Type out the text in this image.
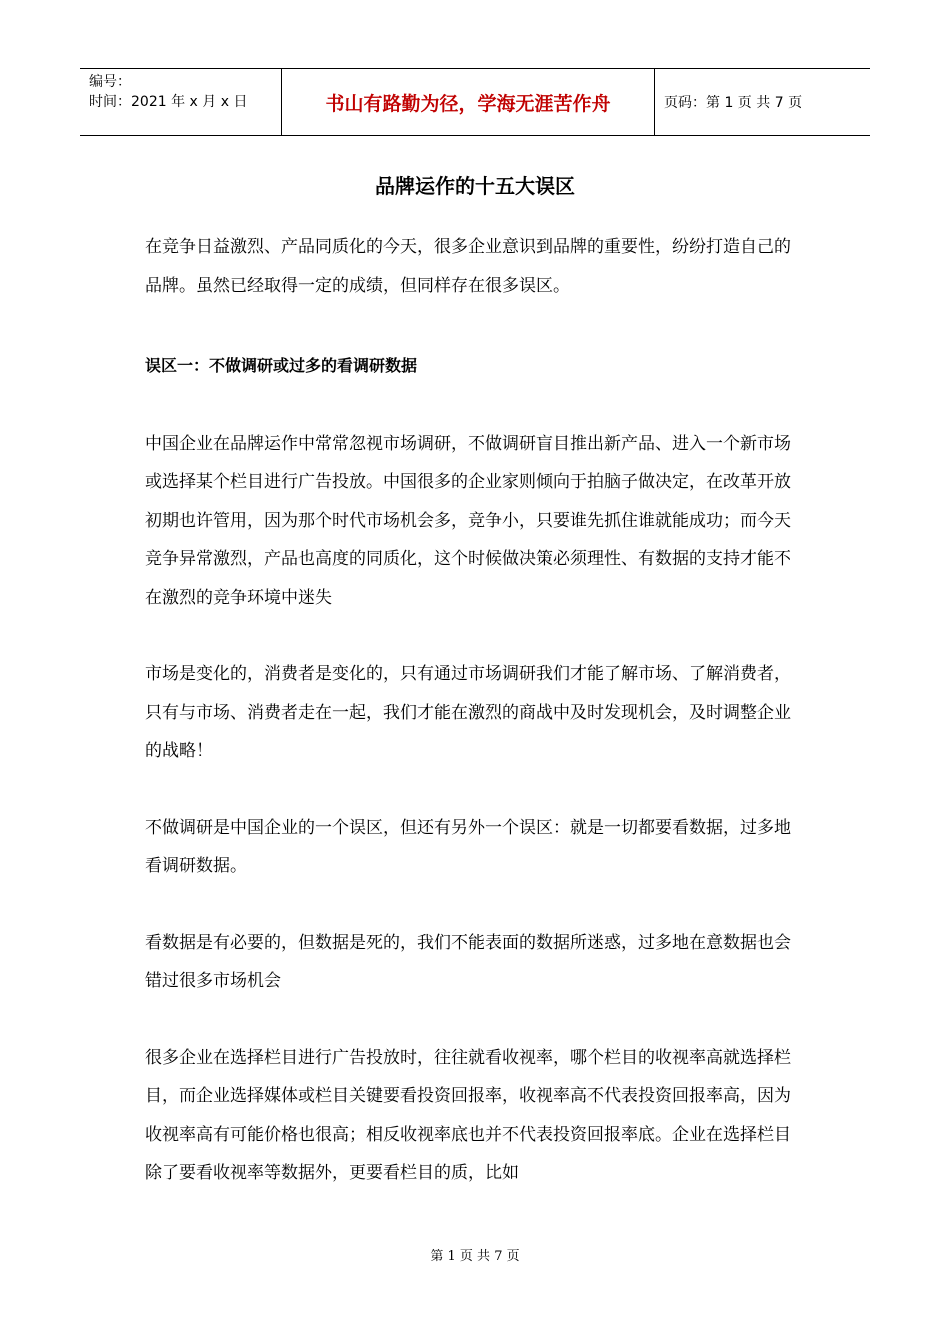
编号：
时间：2021 年 x 月 x 日	书山有路勤为径，学海无涯苦作舟	页码：第 1 页 共 7 页
品牌运作的十五大误区

在竞争日益激烈、产品同质化的今天，很多企业意识到品牌的重要性，纷纷打造自己的品牌。虽然已经取得一定的成绩，但同样存在很多误区。

误区一：不做调研或过多的看调研数据

中国企业在品牌运作中常常忽视市场调研，不做调研盲目推出新产品、进入一个新市场或选择某个栏目进行广告投放。中国很多的企业家则倾向于拍脑子做决定，在改革开放初期也许管用，因为那个时代市场机会多，竞争小，只要谁先抓住谁就能成功；而今天竞争异常激烈，产品也高度的同质化，这个时候做决策必须理性、有数据的支持才能不在激烈的竞争环境中迷失

市场是变化的，消费者是变化的，只有通过市场调研我们才能了解市场、了解消费者，只有与市场、消费者走在一起，我们才能在激烈的商战中及时发现机会，及时调整企业的战略！

不做调研是中国企业的一个误区，但还有另外一个误区：就是一切都要看数据，过多地看调研数据。

看数据是有必要的，但数据是死的，我们不能表面的数据所迷惑，过多地在意数据也会错过很多市场机会

很多企业在选择栏目进行广告投放时，往往就看收视率，哪个栏目的收视率高就选择栏目，而企业选择媒体或栏目关键要看投资回报率，收视率高不代表投资回报率高，因为收视率高有可能价格也很高；相反收视率底也并不代表投资回报率底。企业在选择栏目除了要看收视率等数据外，更要看栏目的质，比如

第 1 页 共 7 页
